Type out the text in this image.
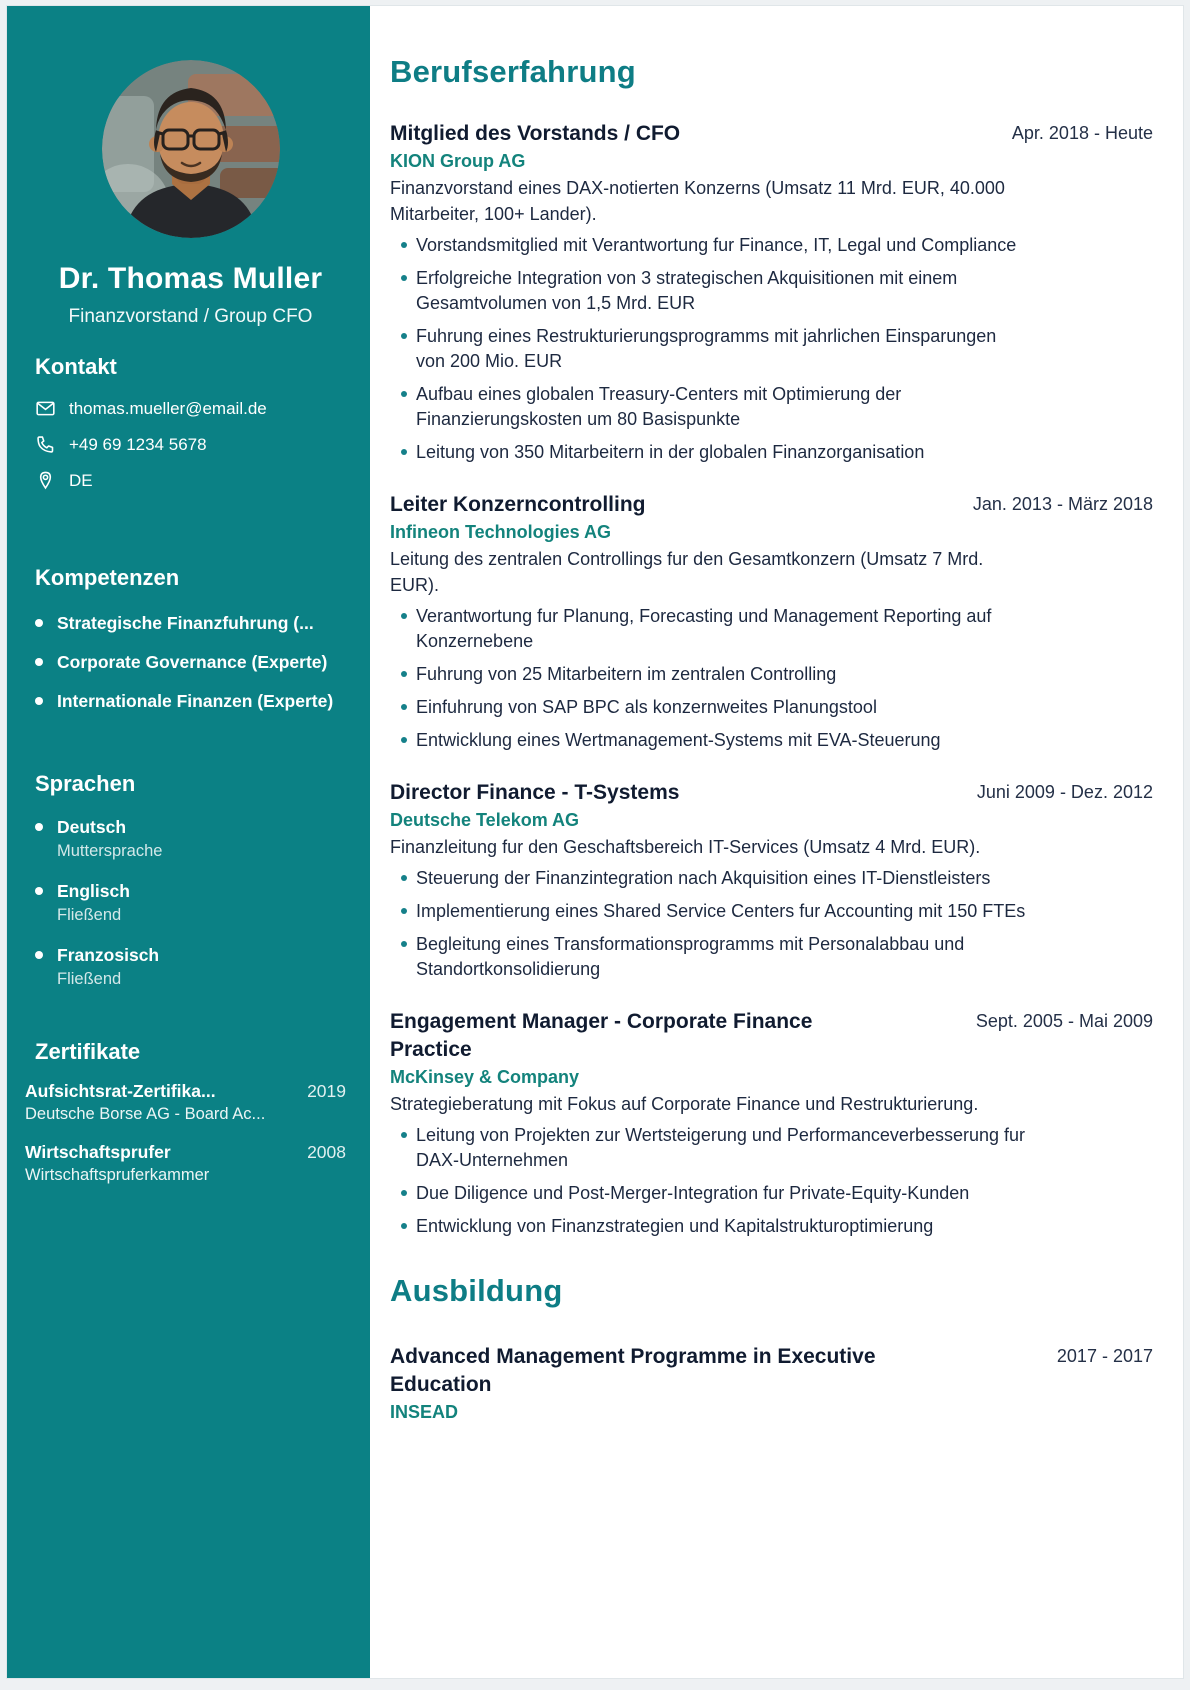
Dr. Thomas Muller
Finanzvorstand / Group CFO
Kontakt
thomas.mueller@email.de
+49 69 1234 5678
DE
Kompetenzen
Strategische Finanzfuhrung (...
Corporate Governance (Experte)
Internationale Finanzen (Experte)
Sprachen
Deutsch
Muttersprache
Englisch
Fließend
Franzosisch
Fließend
Zertifikate
Aufsichtsrat-Zertifika...	2019
Deutsche Borse AG - Board Ac...
Wirtschaftsprufer	2008
Wirtschaftspruferkammer
Berufserfahrung
Mitglied des Vorstands / CFO	Apr. 2018 - Heute
KION Group AG

Finanzvorstand eines DAX-notierten Konzerns (Umsatz 11 Mrd. EUR, 40.000 Mitarbeiter, 100+ Lander).

Vorstandsmitglied mit Verantwortung fur Finance, IT, Legal und Compliance
Erfolgreiche Integration von 3 strategischen Akquisitionen mit einem Gesamtvolumen von 1,5 Mrd. EUR
Fuhrung eines Restrukturierungsprogramms mit jahrlichen Einsparungen von 200 Mio. EUR
Aufbau eines globalen Treasury-Centers mit Optimierung der Finanzierungskosten um 80 Basispunkte
Leitung von 350 Mitarbeitern in der globalen Finanzorganisation
Leiter Konzerncontrolling	Jan. 2013 - März 2018
Infineon Technologies AG

Leitung des zentralen Controllings fur den Gesamtkonzern (Umsatz 7 Mrd. EUR).

Verantwortung fur Planung, Forecasting und Management Reporting auf Konzernebene
Fuhrung von 25 Mitarbeitern im zentralen Controlling
Einfuhrung von SAP BPC als konzernweites Planungstool
Entwicklung eines Wertmanagement-Systems mit EVA-Steuerung
Director Finance - T-Systems	Juni 2009 - Dez. 2012
Deutsche Telekom AG

Finanzleitung fur den Geschaftsbereich IT-Services (Umsatz 4 Mrd. EUR).

Steuerung der Finanzintegration nach Akquisition eines IT-Dienstleisters
Implementierung eines Shared Service Centers fur Accounting mit 150 FTEs
Begleitung eines Transformationsprogramms mit Personalabbau und Standortkonsolidierung
Engagement Manager - Corporate Finance Practice
Sept. 2005 - Mai 2009
McKinsey & Company

Strategieberatung mit Fokus auf Corporate Finance und Restrukturierung.

Leitung von Projekten zur Wertsteigerung und Performanceverbesserung fur DAX-Unternehmen
Due Diligence und Post-Merger-Integration fur Private-Equity-Kunden
Entwicklung von Finanzstrategien und Kapitalstrukturoptimierung
Ausbildung
Advanced Management Programme in Executive Education
2017 - 2017
INSEAD
